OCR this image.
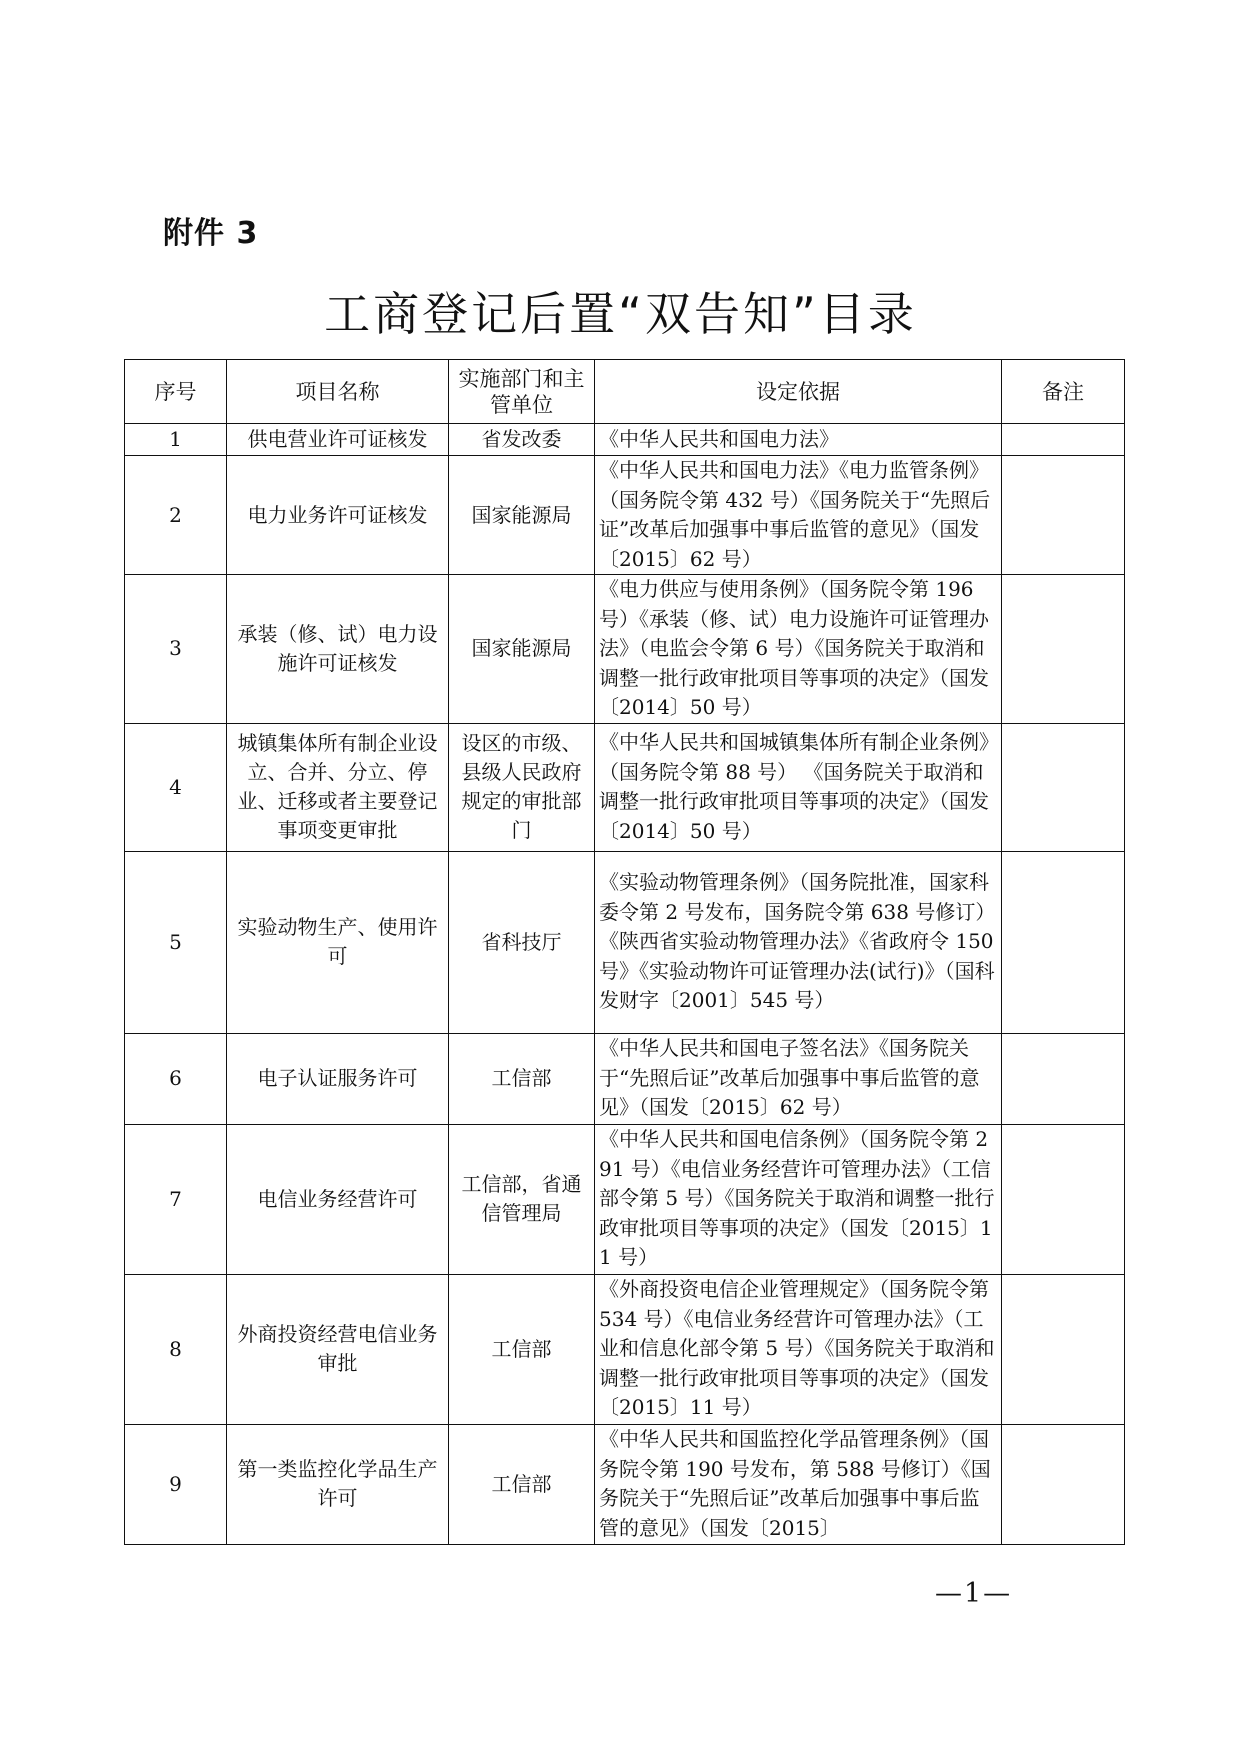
附件 3
工商登记后置“双告知”目录
序号	项目名称	实施部门和主管单位	设定依据	备注
1	供电营业许可证核发	省发改委	《中华人民共和国电力法》	
2	电力业务许可证核发	国家能源局	《中华人民共和国电力法》《电力监管条例》（国务院令第 432 号）《国务院关于“先照后证”改革后加强事中事后监管的意见》（国发〔2015〕62 号）	
3	承装（修、试）电力设施许可证核发	国家能源局	《电力供应与使用条例》（国务院令第 196 号）《承装（修、试）电力设施许可证管理办法》（电监会令第 6 号）《国务院关于取消和调整一批行政审批项目等事项的决定》（国发〔2014〕50 号）	
4	城镇集体所有制企业设立、合并、分立、停业、迁移或者主要登记事项变更审批	设区的市级、县级人民政府规定的审批部门	《中华人民共和国城镇集体所有制企业条例》（国务院令第 88 号） 《国务院关于取消和调整一批行政审批项目等事项的决定》（国发〔2014〕50 号）	
5	实验动物生产、使用许可	省科技厅	《实验动物管理条例》（国务院批准，国家科委令第 2 号发布，国务院令第 638 号修订）《陕西省实验动物管理办法》《省政府令 150 号》《实验动物许可证管理办法(试行)》（国科发财字〔2001〕545 号）	
6	电子认证服务许可	工信部	《中华人民共和国电子签名法》《国务院关于“先照后证”改革后加强事中事后监管的意见》（国发〔2015〕62 号）	
7	电信业务经营许可	工信部，省通信管理局	《中华人民共和国电信条例》（国务院令第 291 号）《电信业务经营许可管理办法》（工信部令第 5 号）《国务院关于取消和调整一批行政审批项目等事项的决定》（国发〔2015〕11 号）	
8	外商投资经营电信业务审批	工信部	《外商投资电信企业管理规定》（国务院令第 534 号）《电信业务经营许可管理办法》（工业和信息化部令第 5 号）《国务院关于取消和调整一批行政审批项目等事项的决定》（国发〔2015〕11 号）	
9	第一类监控化学品生产许可	工信部	《中华人民共和国监控化学品管理条例》（国务院令第 190 号发布，第 588 号修订）《国务院关于“先照后证”改革后加强事中事后监管的意见》（国发〔2015〕	
—1—
